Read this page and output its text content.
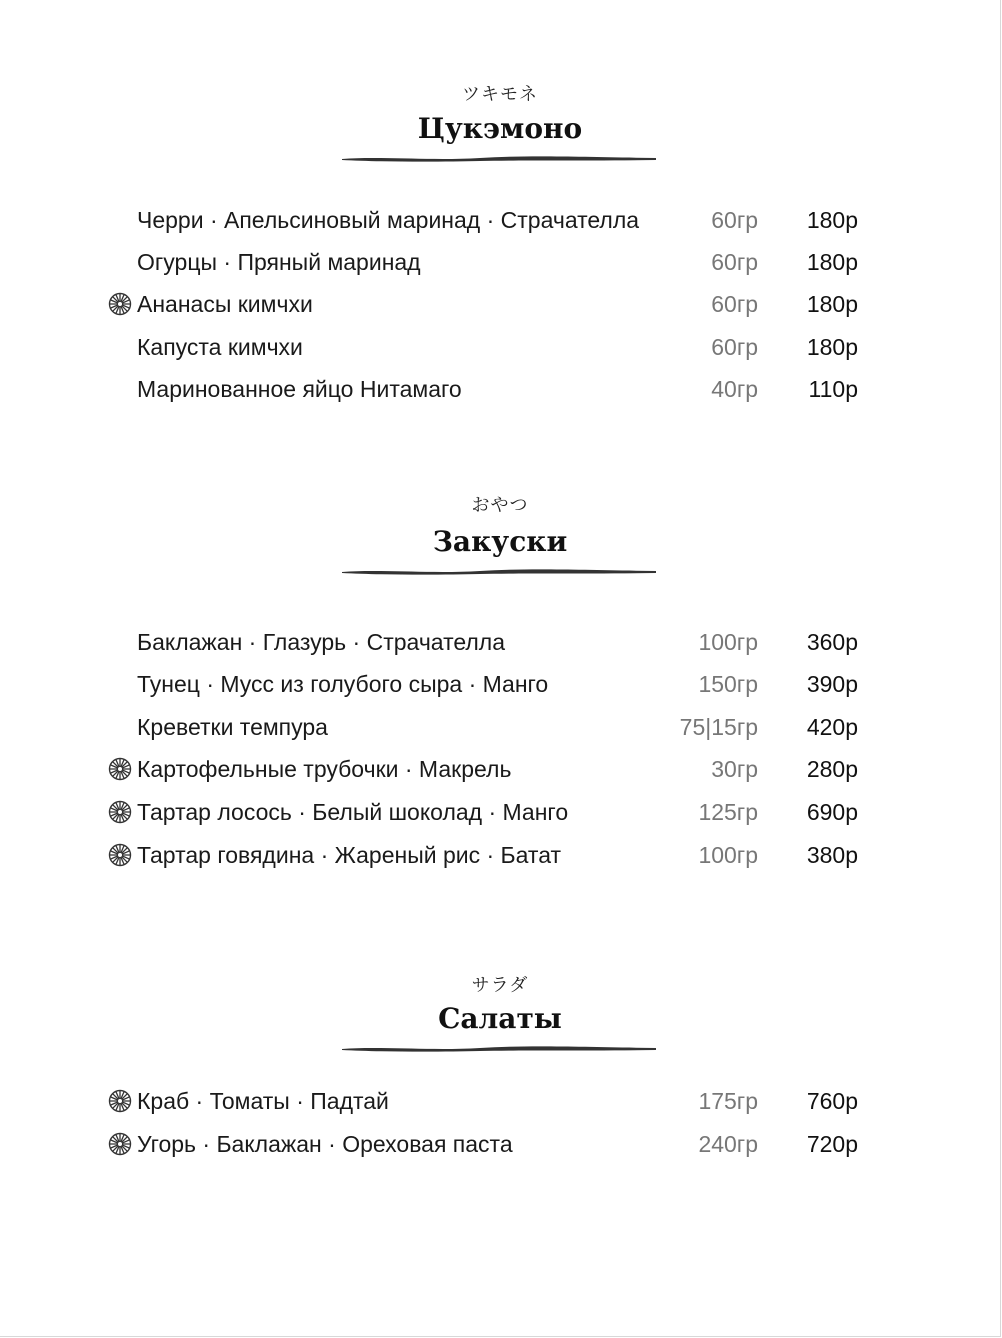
ツキモネ
Цукэмоно
Черри · Апельсиновый маринад · Страчателла	60гр 180р
Огурцы · Пряный маринад	60гр 180р
Ананасы кимчхи	60гр 180р
Капуста кимчхи	60гр 180р
Маринованное яйцо Нитамаго	40гр 110р
おやつ
Закуски
Баклажан · Глазурь · Страчателла	100гр 360р
Тунец · Мусс из голубого сыра · Манго	150гр 390р
Креветки темпура	75|15гр 420р
Картофельные трубочки · Макрель	30гр 280р
Тартар лосось · Белый шоколад · Манго	125гр 690р
Тартар говядина · Жареный рис · Батат	100гр 380р
サラダ
Салаты
Краб · Томаты · Падтай	175гр 760р
Угорь · Баклажан · Ореховая паста	240гр 720р
